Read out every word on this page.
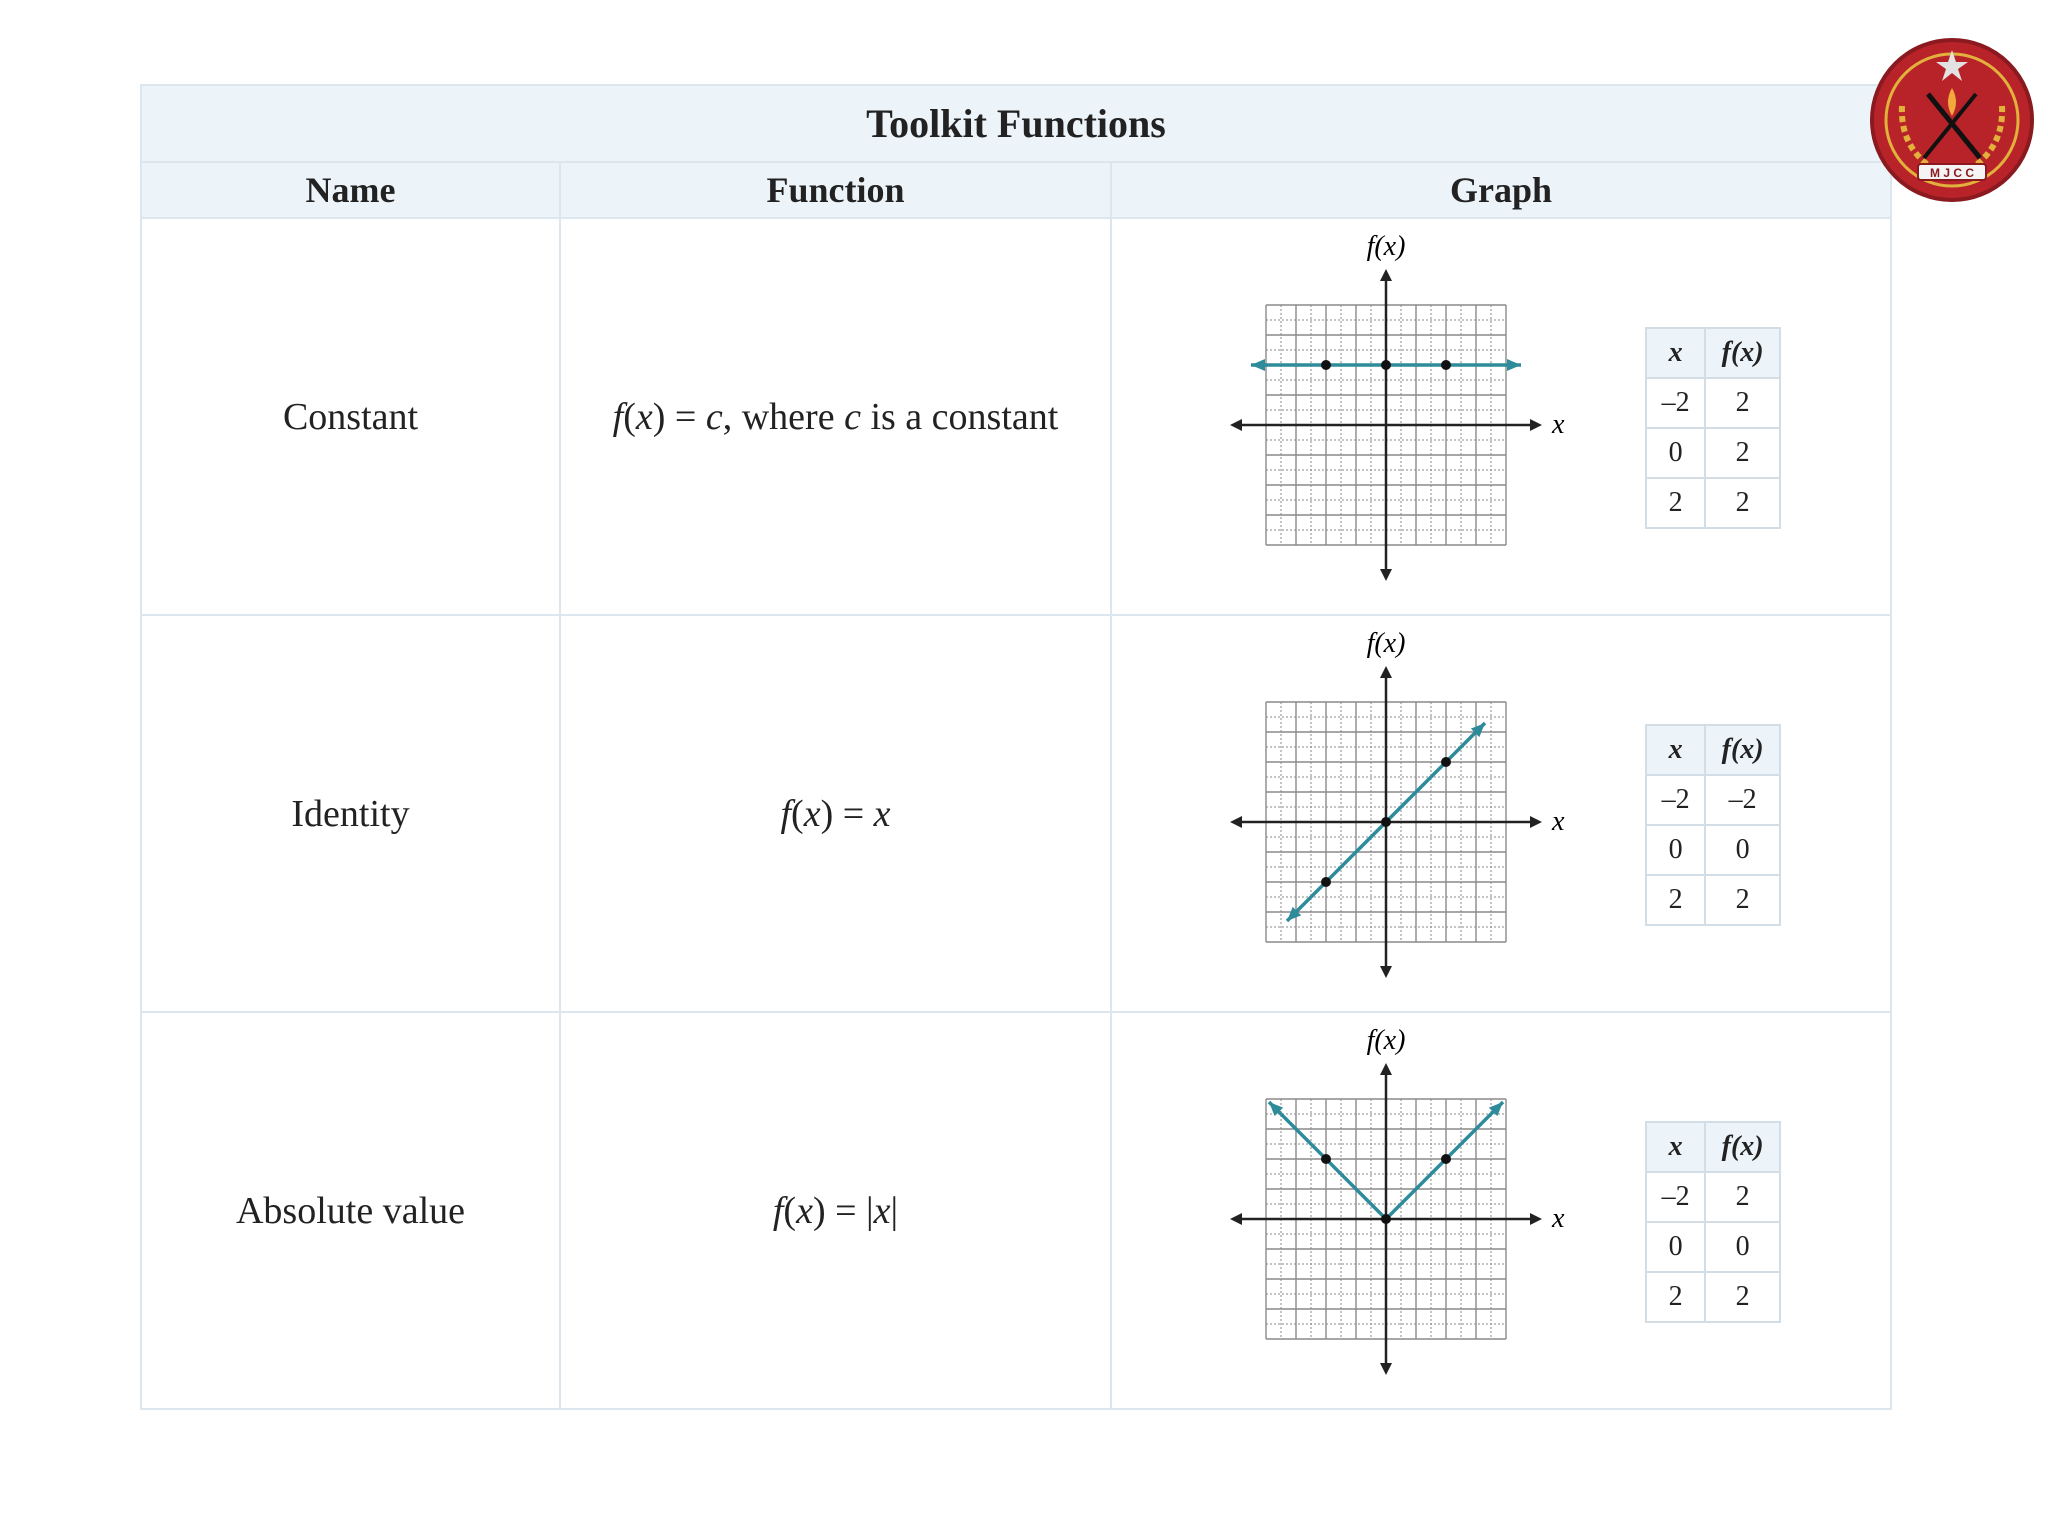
Toolkit Functions
Name	Function	Graph
Constant	f(x) = c, where c is a constant	
f(x)
x
x	f(x)
–2	2
0	2
2	2

Identity	f(x) = x	
f(x)
x
x	f(x)
–2	–2
0	0
2	2

Absolute value	f(x) = |x|	
f(x)
x
x	f(x)
–2	2
0	0
2	2
M J C C
